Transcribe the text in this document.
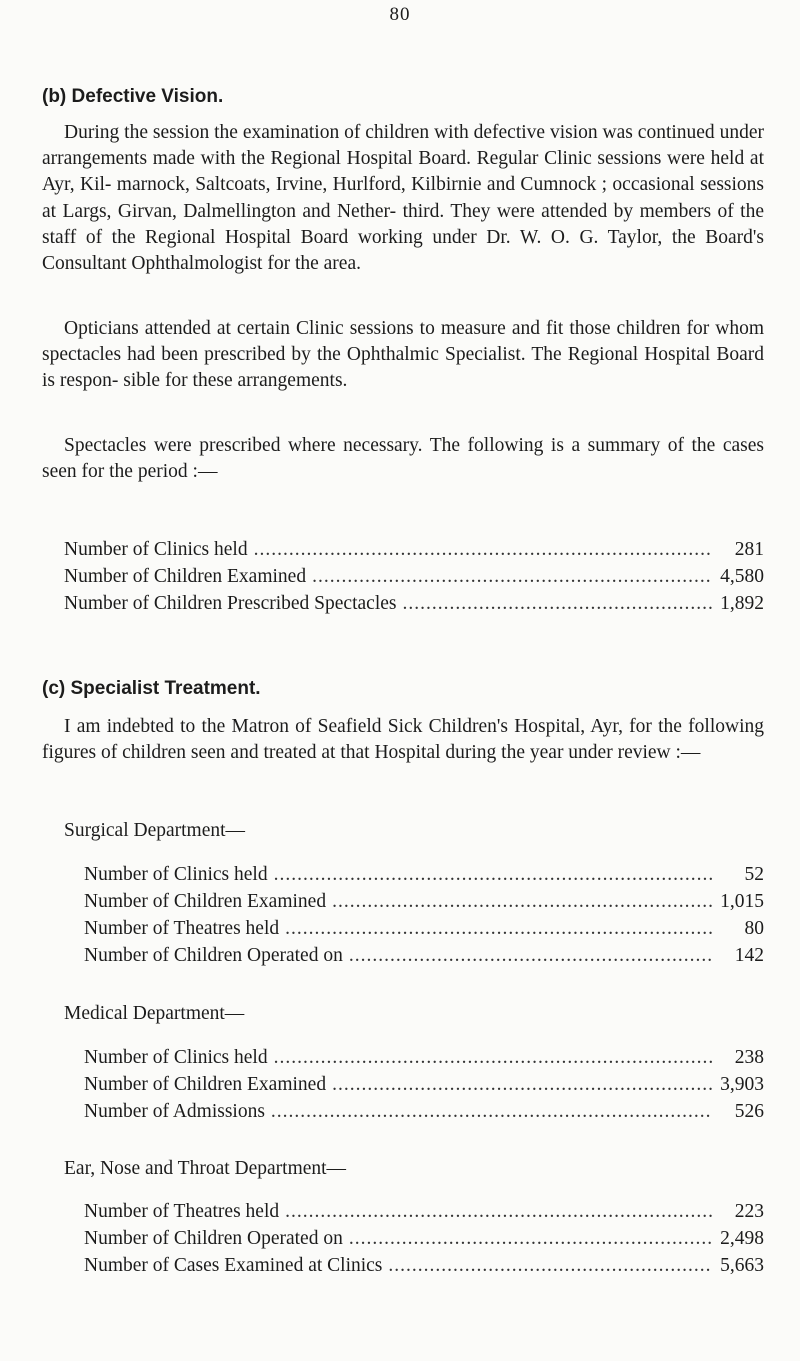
80
(b) Defective Vision.

During the session the examination of children with defective vision was continued under arrangements made with the Regional Hospital Board. Regular Clinic sessions were held at Ayr, Kil- marnock, Saltcoats, Irvine, Hurlford, Kilbirnie and Cumnock ; occasional sessions at Largs, Girvan, Dalmellington and Nether- third. They were attended by members of the staff of the Regional Hospital Board working under Dr. W. O. G. Taylor, the Board's Consultant Ophthalmologist for the area.

Opticians attended at certain Clinic sessions to measure and fit those children for whom spectacles had been prescribed by the Ophthalmic Specialist. The Regional Hospital Board is respon- sible for these arrangements.

Spectacles were prescribed where necessary. The following is a summary of the cases seen for the period :—

Number of Clinics held .....	281
Number of Children Examined .....	4,580
Number of Children Prescribed Spectacles .....	1,892
(c) Specialist Treatment.

I am indebted to the Matron of Seafield Sick Children's Hospital, Ayr, for the following figures of children seen and treated at that Hospital during the year under review :—

Surgical Department—
Number of Clinics held .....	52
Number of Children Examined .....	1,015
Number of Theatres held .....	80
Number of Children Operated on .....	142
Medical Department—
Number of Clinics held .....	238
Number of Children Examined .....	3,903
Number of Admissions .....	526
Ear, Nose and Throat Department—
Number of Theatres held .....	223
Number of Children Operated on .....	2,498
Number of Cases Examined at Clinics .....	5,663
